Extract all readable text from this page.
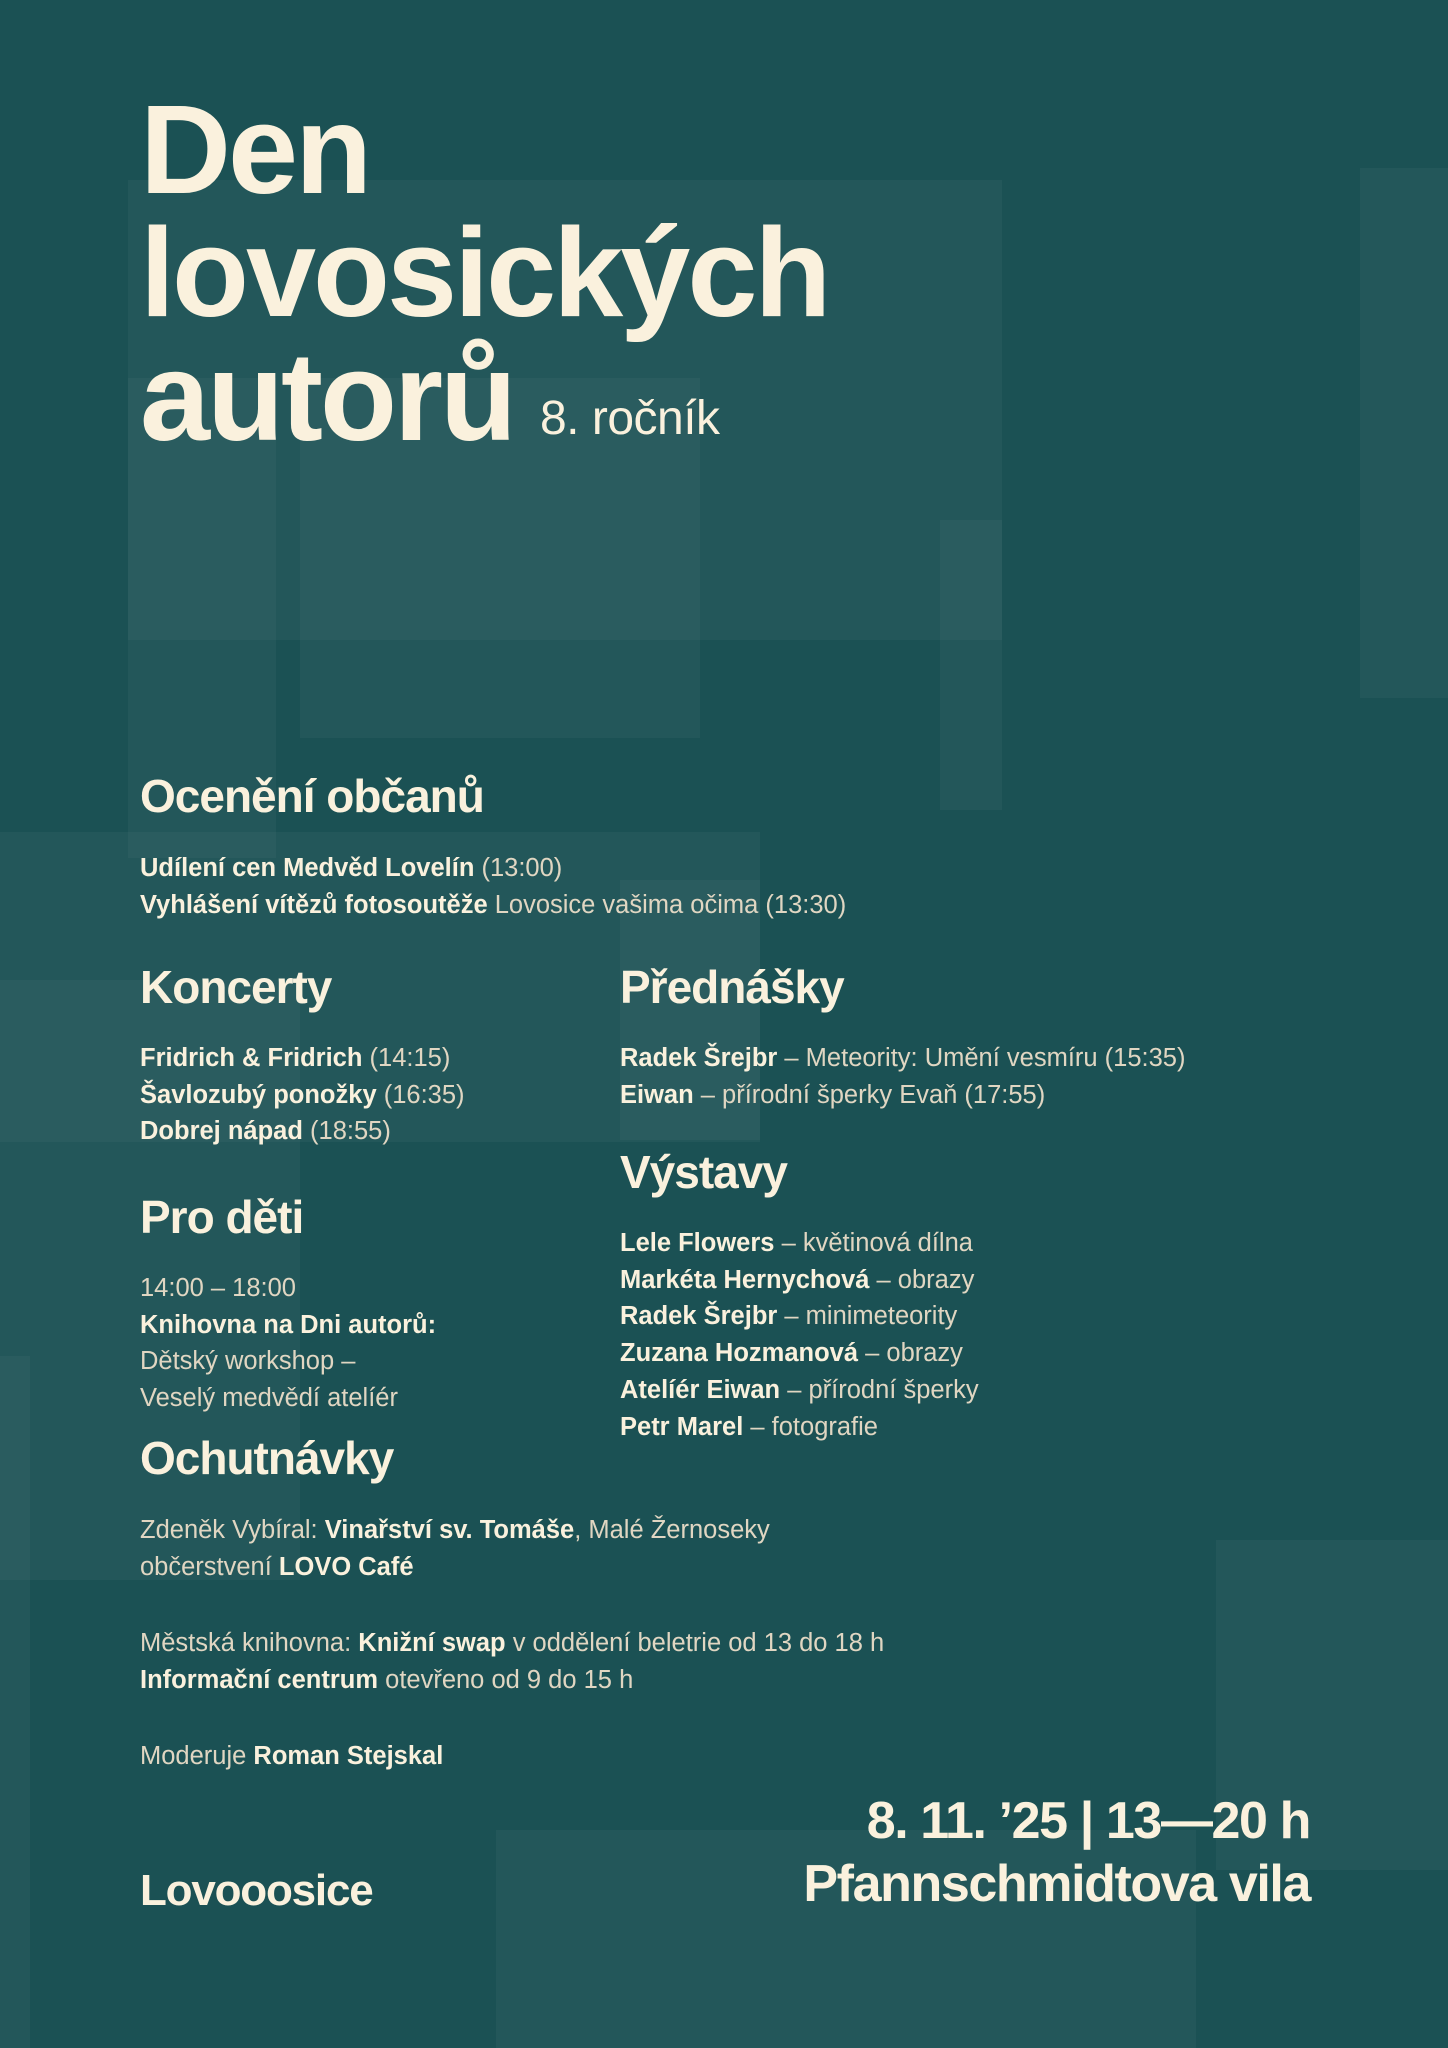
Den
lovosických
autorů 8. ročník
Ocenění občanů
Udílení cen Medvěd Lovelín (13:00)
Vyhlášení vítězů fotosoutěže Lovosice vašima očima (13:30)
Koncerty
Fridrich & Fridrich (14:15)
Šavlozubý ponožky (16:35)
Dobrej nápad (18:55)
Přednášky
Radek Šrejbr – Meteority: Umění vesmíru (15:35)
Eiwan – přírodní šperky Evaň (17:55)
Pro děti
14:00 – 18:00
Knihovna na Dni autorů:
Dětský workshop –
Veselý medvědí atelíér
Výstavy
Lele Flowers – květinová dílna
Markéta Hernychová – obrazy
Radek Šrejbr – minimeteority
Zuzana Hozmanová – obrazy
Atelíér Eiwan – přírodní šperky
Petr Marel – fotografie
Ochutnávky
Zdeněk Vybíral: Vinařství sv. Tomáše, Malé Žernoseky
občerstvení LOVO Café
Městská knihovna: Knižní swap v oddělení beletrie od 13 do 18 h
Informační centrum otevřeno od 9 do 15 h
Moderuje Roman Stejskal
Lovooosice
8. 11. ’25 | 13—20 h
Pfannschmidtova vila
